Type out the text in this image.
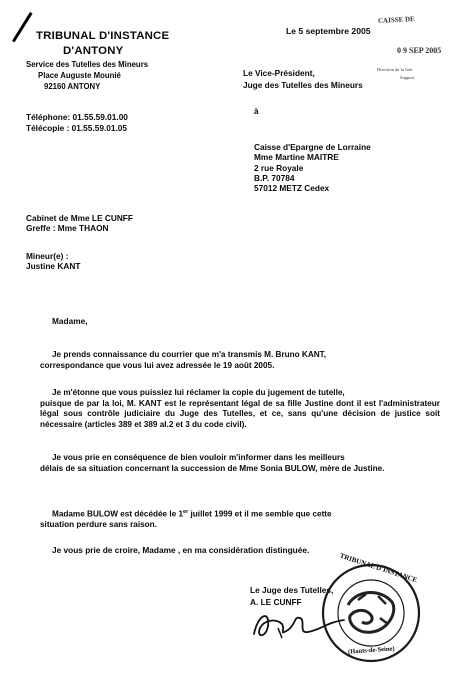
TRIBUNAL D'INSTANCE
D'ANTONY
Service des Tutelles des Mineurs
Place Auguste Mounié
92160 ANTONY
Téléphone: 01.55.59.01.00
Télécopie : 01.55.59.01.05
Le 5 septembre 2005
CAISSE DE
0 9 SEP 2005
Direction de la Gén
Support
Le Vice-Président,
Juge des Tutelles des Mineurs
à
Caisse d'Epargne de Lorraine
Mme Martine MAITRE
2 rue Royale
B.P. 70784
57012 METZ Cedex
Cabinet de Mme LE CUNFF
Greffe : Mme THAON
Mineur(e) :
Justine KANT
Madame,
Je prends connaissance du courrier que m'a transmis M. Bruno KANT,
correspondance que vous lui avez adressée le 19 août 2005.
Je m'étonne que vous puissiez lui réclamer la copie du jugement de tutelle,
puisque de par la loi, M. KANT est le représentant légal de sa fille Justine dont il est l'administrateur légal sous contrôle judiciaire du Juge des Tutelles, et ce, sans qu'une décision de justice soit nécessaire (articles 389 et 389 al.2 et 3 du code civil).
Je vous prie en conséquence de bien vouloir m'informer dans les meilleurs
délais de sa situation concernant la succession de Mme Sonia BULOW, mère de Justine.
Madame BULOW est décédée le 1er juillet 1999 et il me semble que cette
situation perdure sans raison.
Je vous prie de croire, Madame , en ma considération distinguée.
Le Juge des Tutelles,
A. LE CUNFF
TRIBUNAL D'INSTANCE
(Hauts-de-Seine)
